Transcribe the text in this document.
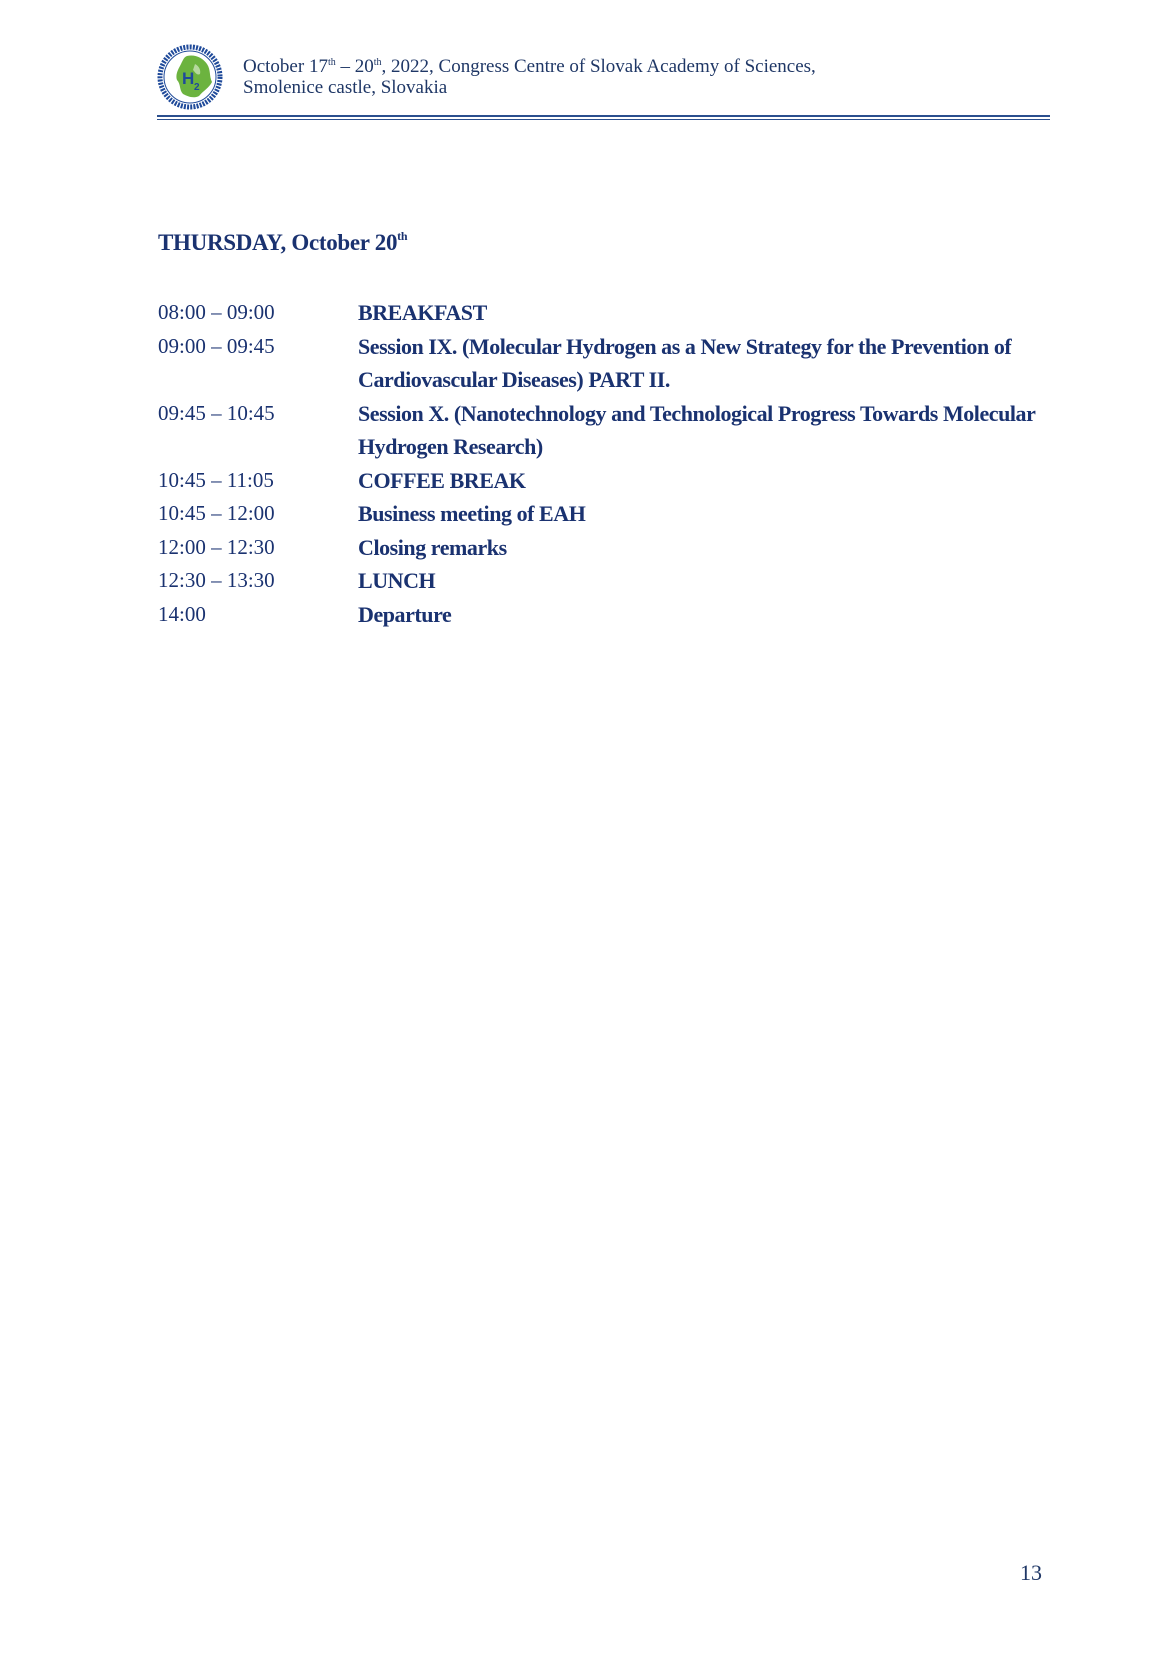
H 2
October 17th – 20th, 2022, Congress Centre of Slovak Academy of Sciences,
Smolenice castle, Slovakia
THURSDAY, October 20th
08:00 – 09:00	BREAKFAST
09:00 – 09:45	Session IX. (Molecular Hydrogen as a New Strategy for the Prevention of Cardiovascular Diseases) PART II.
09:45 – 10:45	Session X. (Nanotechnology and Technological Progress Towards Molecular Hydrogen Research)
10:45 – 11:05	COFFEE BREAK
10:45 – 12:00	Business meeting of EAH
12:00 – 12:30	Closing remarks
12:30 – 13:30	LUNCH
14:00	Departure
13
